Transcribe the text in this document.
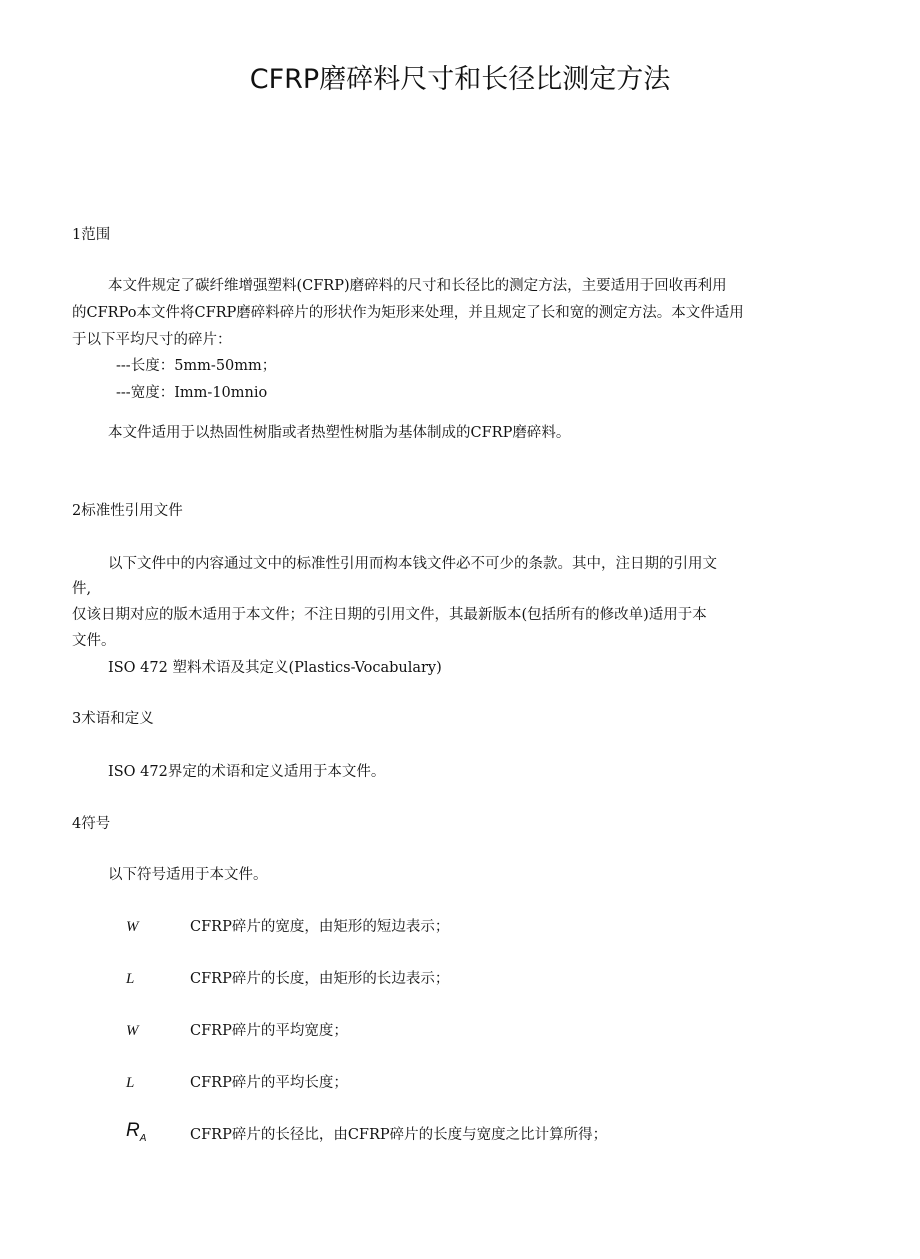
CFRP磨碎料尺寸和长径比测定方法
1范围
本文件规定了碳纤维增强塑料(CFRP)磨碎料的尺寸和长径比的测定方法，主要适用于回收再利用
的CFRPo本文件将CFRP磨碎料碎片的形状作为矩形来处理，并且规定了长和宽的测定方法。本文件适用
于以下平均尺寸的碎片：
---长度：5mm-50mm；
---宽度：Imm-10mnio
本文件适用于以热固性树脂或者热塑性树脂为基体制成的CFRP磨碎料。
2标准性引用文件
以下文件中的内容通过文中的标准性引用而构本钱文件必不可少的条款。其中，注日期的引用文
件,
仅该日期对应的版木适用于本文件；不注日期的引用文件，其最新版本(包括所有的修改单)适用于本
文件。
ISO 472 塑料术语及其定义(Plastics-Vocabulary)
3术语和定义
ISO 472界定的术语和定义适用于本文件。
4符号
以下符号适用于本文件。
W	CFRP碎片的宽度，由矩形的短边表示；
L	CFRP碎片的长度，由矩形的长边表示；
W	CFRP碎片的平均宽度；
L	CFRP碎片的平均长度；
$R_A$	CFRP碎片的长径比，由CFRP碎片的长度与宽度之比计算所得；
